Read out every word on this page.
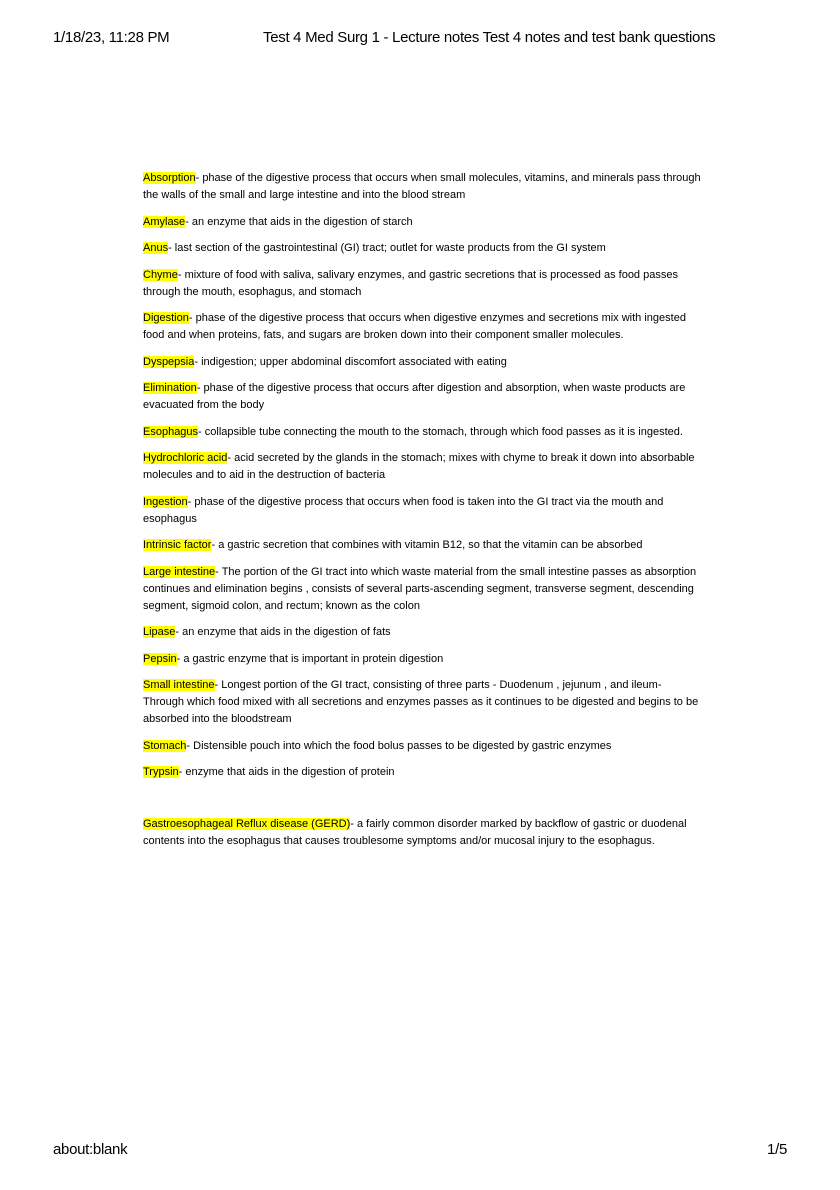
1/18/23, 11:28 PM	Test 4 Med Surg 1 - Lecture notes Test 4 notes and test bank questions

Absorption- phase of the digestive process that occurs when small molecules, vitamins, and minerals pass through the walls of the small and large intestine and into the blood stream

Amylase- an enzyme that aids in the digestion of starch

Anus- last section of the gastrointestinal (GI) tract; outlet for waste products from the GI system

Chyme- mixture of food with saliva, salivary enzymes, and gastric secretions that is processed as food passes through the mouth, esophagus, and stomach

Digestion- phase of the digestive process that occurs when digestive enzymes and secretions mix with ingested food and when proteins, fats, and sugars are broken down into their component smaller molecules.

Dyspepsia- indigestion; upper abdominal discomfort associated with eating

Elimination- phase of the digestive process that occurs after digestion and absorption, when waste products are evacuated from the body

Esophagus- collapsible tube connecting the mouth to the stomach, through which food passes as it is ingested.

Hydrochloric acid- acid secreted by the glands in the stomach; mixes with chyme to break it down into absorbable molecules and to aid in the destruction of bacteria

Ingestion- phase of the digestive process that occurs when food is taken into the GI tract via the mouth and esophagus

Intrinsic factor- a gastric secretion that combines with vitamin B12, so that the vitamin can be absorbed

Large intestine- The portion of the GI tract into which waste material from the small intestine passes as absorption continues and elimination begins , consists of several parts-ascending segment, transverse segment, descending segment, sigmoid colon, and rectum; known as the colon

Lipase- an enzyme that aids in the digestion of fats

Pepsin- a gastric enzyme that is important in protein digestion

Small intestine- Longest portion of the GI tract, consisting of three parts - Duodenum , jejunum , and ileum- Through which food mixed with all secretions and enzymes passes as it continues to be digested and begins to be absorbed into the bloodstream

Stomach- Distensible pouch into which the food bolus passes to be digested by gastric enzymes

Trypsin- enzyme that aids in the digestion of protein

Gastroesophageal Reflux disease (GERD)- a fairly common disorder marked by backflow of gastric or duodenal contents into the esophagus that causes troublesome symptoms and/or mucosal injury to the esophagus.

about:blank	1/5
